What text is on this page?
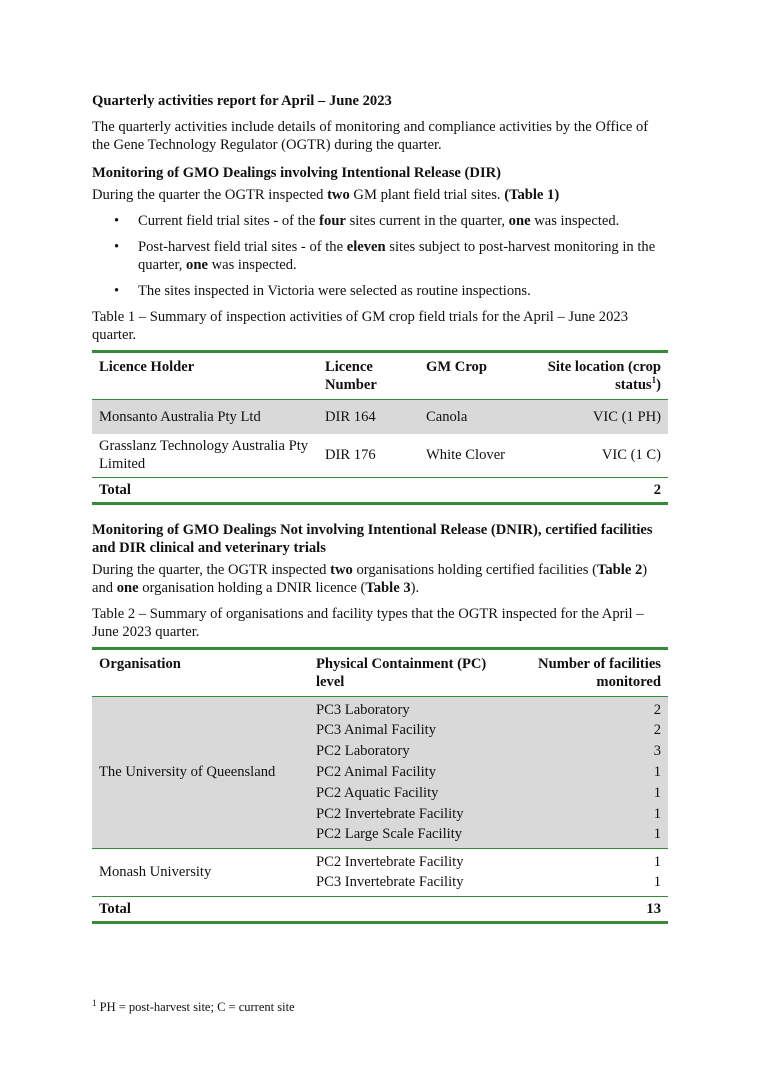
Quarterly activities report for April – June 2023

The quarterly activities include details of monitoring and compliance activities by the Office of the Gene Technology Regulator (OGTR) during the quarter.

Monitoring of GMO Dealings involving Intentional Release (DIR)

During the quarter the OGTR inspected two GM plant field trial sites. (Table 1)

• Current field trial sites - of the four sites current in the quarter, one was inspected.
• Post-harvest field trial sites - of the eleven sites subject to post-harvest monitoring in the quarter, one was inspected.
• The sites inspected in Victoria were selected as routine inspections.

Table 1 – Summary of inspection activities of GM crop field trials for the April – June 2023 quarter.

Licence Holder	Licence Number	GM Crop	Site location (crop status$^1$)
Monsanto Australia Pty Ltd	DIR 164	Canola	VIC (1 PH)
Grasslanz Technology Australia Pty Limited	DIR 176	White Clover	VIC (1 C)
Total			2

Monitoring of GMO Dealings Not involving Intentional Release (DNIR), certified facilities and DIR clinical and veterinary trials

During the quarter, the OGTR inspected two organisations holding certified facilities (Table 2) and one organisation holding a DNIR licence (Table 3).

Table 2 – Summary of organisations and facility types that the OGTR inspected for the April – June 2023 quarter.

Organisation	Physical Containment (PC) level	Number of facilities monitored
The University of Queensland	PC3 Laboratory	2
	PC3 Animal Facility	2
	PC2 Laboratory	3
	PC2 Animal Facility	1
	PC2 Aquatic Facility	1
	PC2 Invertebrate Facility	1
	PC2 Large Scale Facility	1
Monash University	PC2 Invertebrate Facility	1
	PC3 Invertebrate Facility	1
Total		13
$^1$ PH = post-harvest site; C = current site
